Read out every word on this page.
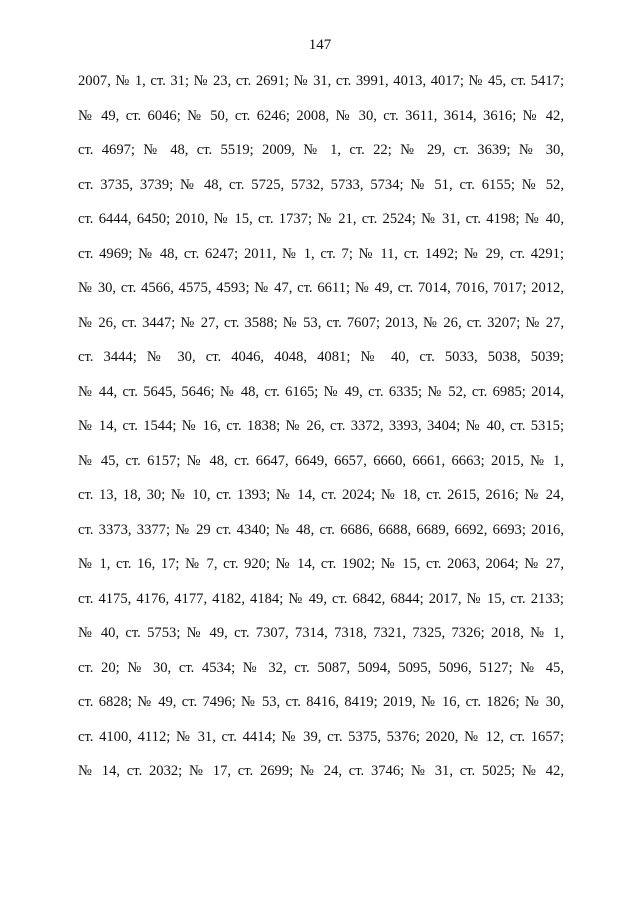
147
2007, № 1, ст. 31; № 23, ст. 2691; № 31, ст. 3991, 4013, 4017; № 45, ст. 5417;
№ 49, ст. 6046; № 50, ст. 6246; 2008, № 30, ст. 3611, 3614, 3616; № 42,
ст. 4697; № 48, ст. 5519; 2009, № 1, ст. 22; № 29, ст. 3639; № 30,
ст. 3735, 3739; № 48, ст. 5725, 5732, 5733, 5734; № 51, ст. 6155; № 52,
ст. 6444, 6450; 2010, № 15, ст. 1737; № 21, ст. 2524; № 31, ст. 4198; № 40,
ст. 4969; № 48, ст. 6247; 2011, № 1, ст. 7; № 11, ст. 1492; № 29, ст. 4291;
№ 30, ст. 4566, 4575, 4593; № 47, ст. 6611; № 49, ст. 7014, 7016, 7017; 2012,
№ 26, ст. 3447; № 27, ст. 3588; № 53, ст. 7607; 2013, № 26, ст. 3207; № 27,
ст. 3444; № 30, ст. 4046, 4048, 4081; № 40, ст. 5033, 5038, 5039;
№ 44, ст. 5645, 5646; № 48, ст. 6165; № 49, ст. 6335; № 52, ст. 6985; 2014,
№ 14, ст. 1544; № 16, ст. 1838; № 26, ст. 3372, 3393, 3404; № 40, ст. 5315;
№ 45, ст. 6157; № 48, ст. 6647, 6649, 6657, 6660, 6661, 6663; 2015, № 1,
ст. 13, 18, 30; № 10, ст. 1393; № 14, ст. 2024; № 18, ст. 2615, 2616; № 24,
ст. 3373, 3377; № 29 ст. 4340; № 48, ст. 6686, 6688, 6689, 6692, 6693; 2016,
№ 1, ст. 16, 17; № 7, ст. 920; № 14, ст. 1902; № 15, ст. 2063, 2064; № 27,
ст. 4175, 4176, 4177, 4182, 4184; № 49, ст. 6842, 6844; 2017, № 15, ст. 2133;
№ 40, ст. 5753; № 49, ст. 7307, 7314, 7318, 7321, 7325, 7326; 2018, № 1,
ст. 20; № 30, ст. 4534; № 32, ст. 5087, 5094, 5095, 5096, 5127; № 45,
ст. 6828; № 49, ст. 7496; № 53, ст. 8416, 8419; 2019, № 16, ст. 1826; № 30,
ст. 4100, 4112; № 31, ст. 4414; № 39, ст. 5375, 5376; 2020, № 12, ст. 1657;
№ 14, ст. 2032; № 17, ст. 2699; № 24, ст. 3746; № 31, ст. 5025; № 42,
